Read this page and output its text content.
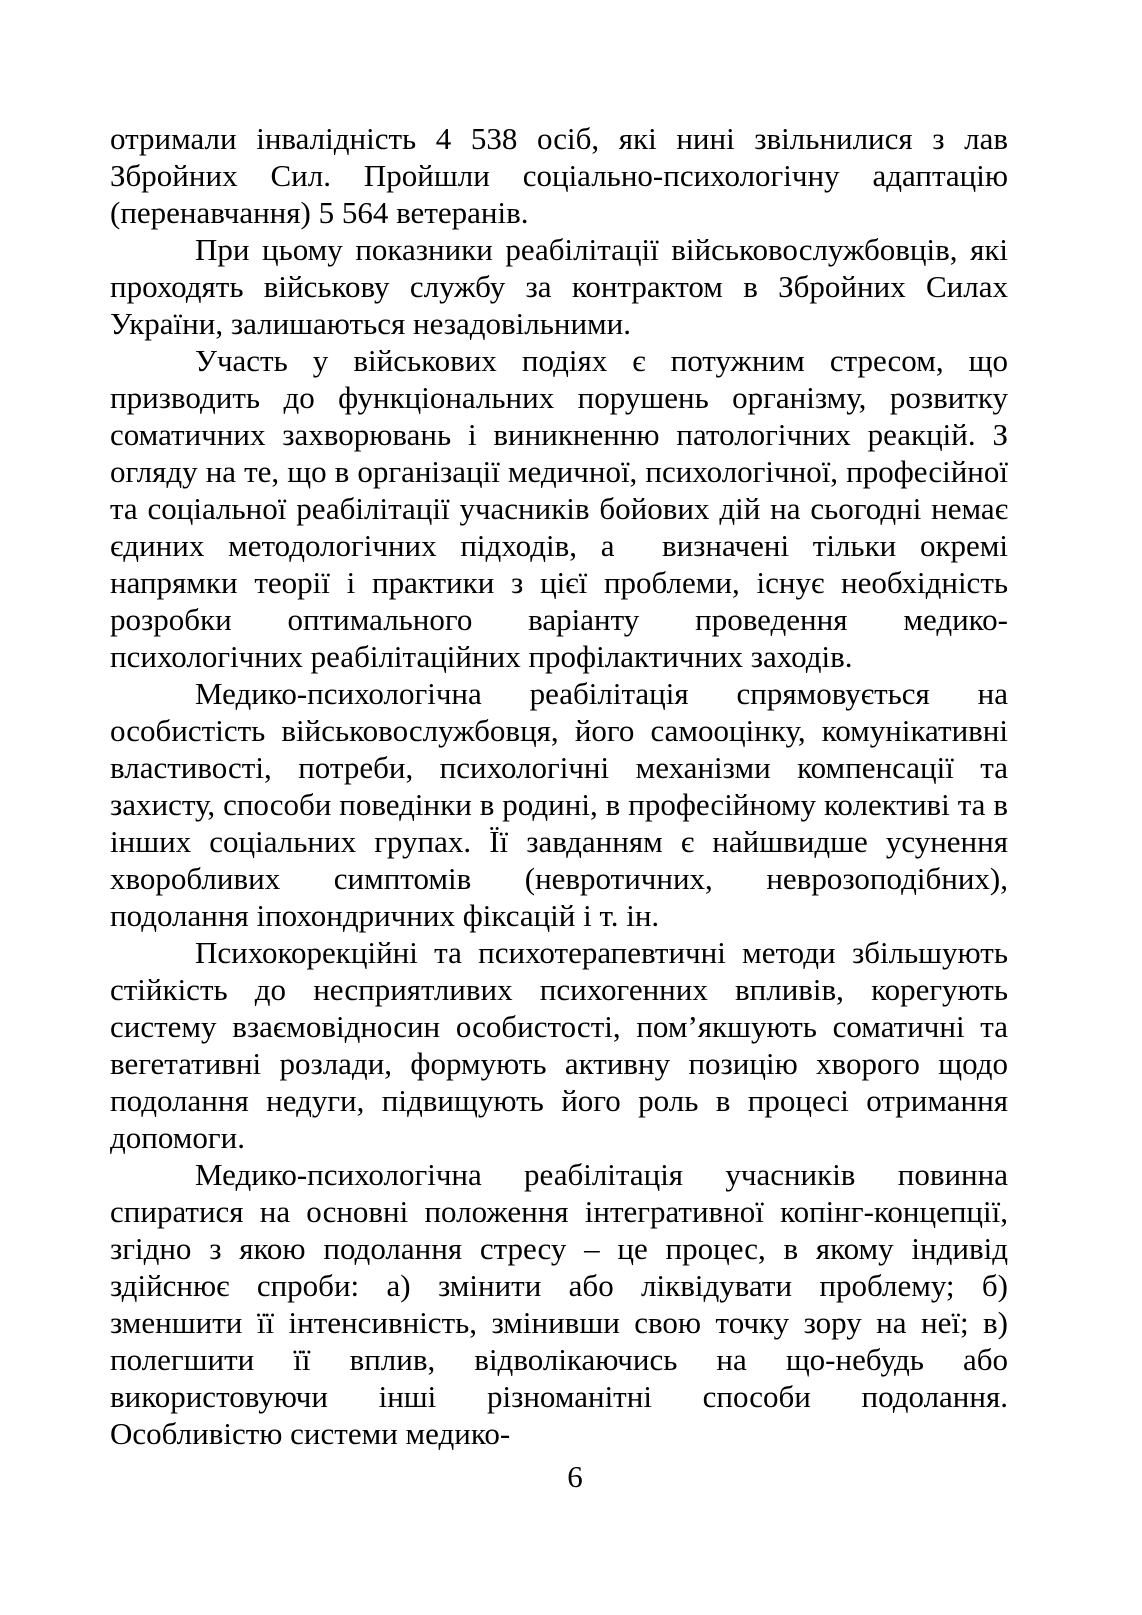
отримали інвалідність 4 538 осіб, які нині звільнилися з лав Збройних Сил. Пройшли соціально-психологічну адаптацію (перенавчання) 5 564 ветеранів.

При цьому показники реабілітації військовослужбовців, які проходять військову службу за контрактом в Збройних Силах України, залишаються незадовільними.

Участь у військових подіях є потужним стресом, що призводить до функціональних порушень організму, розвитку соматичних захворювань і виникненню патологічних реакцій. З огляду на те, що в організації медичної, психологічної, професійної та соціальної реабілітації учасників бойових дій на сьогодні немає єдиних методологічних підходів, а  визначені тільки окремі напрямки теорії і практики з цієї проблеми, існує необхідність розробки оптимального варіанту проведення медико-психологічних реабілітаційних профілактичних заходів.

Медико-психологічна реабілітація спрямовується на особистість військовослужбовця, його самооцінку, комунікативні властивості, потреби, психологічні механізми компенсації та захисту, способи поведінки в родині, в професійному колективі та в інших соціальних групах. Її завданням є найшвидше усунення хворобливих симптомів (невротичних, неврозоподібних), подолання іпохондричних фіксацій і т. ін.

Психокорекційні та психотерапевтичні методи збільшують стійкість до несприятливих психогенних впливів, корегують систему взаємовідносин особистості, пом’якшують соматичні та вегетативні розлади, формують активну позицію хворого щодо подолання недуги, підвищують його роль в процесі отримання допомоги.

Медико-психологічна реабілітація учасників повинна спиратися на основні положення інтегративної копінг-концепції, згідно з якою подолання стресу – це процес, в якому індивід здійснює спроби: а) змінити або ліквідувати проблему; б) зменшити її інтенсивність, змінивши свою точку зору на неї; в) полегшити її вплив, відволікаючись на що-небудь або використовуючи інші різноманітні способи подолання. Особливістю системи медико-

6
